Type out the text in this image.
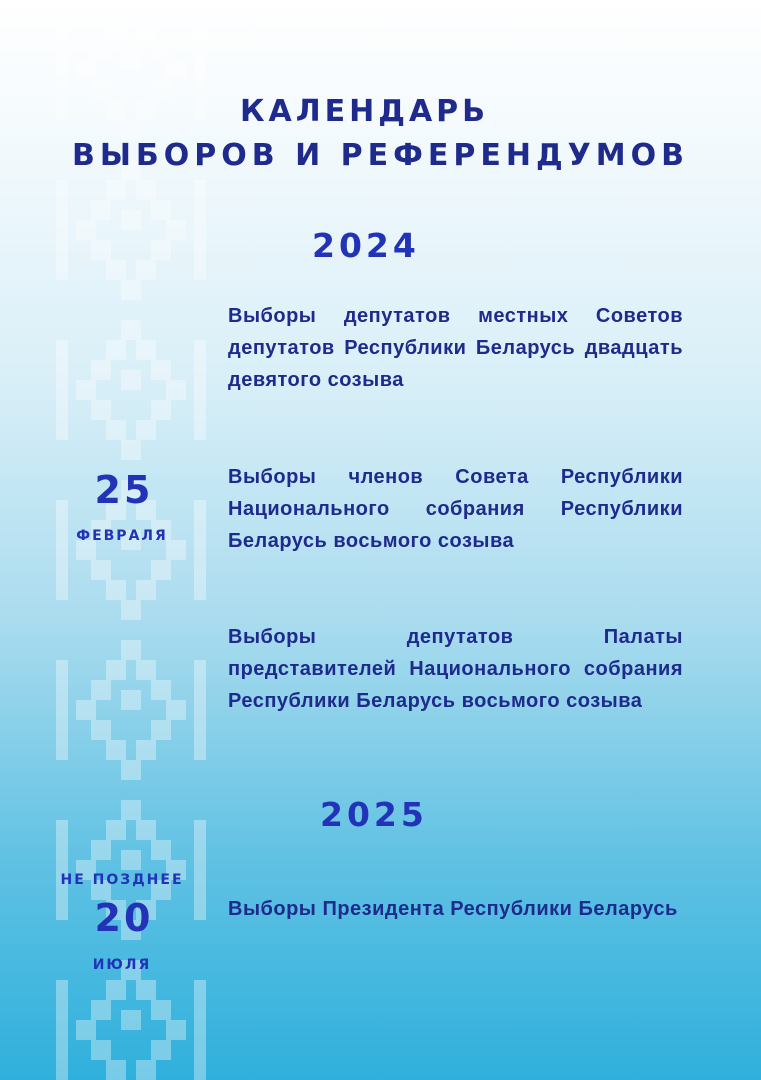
КАЛЕНДАРЬ
ВЫБОРОВ И РЕФЕРЕНДУМОВ
2024

Выборы депутатов местных Советов депутатов Республики Беларусь двадцать девятого созыва

Выборы членов Совета Республики Национального собрания Республики Беларусь восьмого созыва

Выборы депутатов Палаты представителей Национального собрания Республики Беларусь восьмого созыва

25
ФЕВРАЛЯ
2025
НЕ ПОЗДНЕЕ
20
ИЮЛЯ

Выборы Президента Республики Беларусь
